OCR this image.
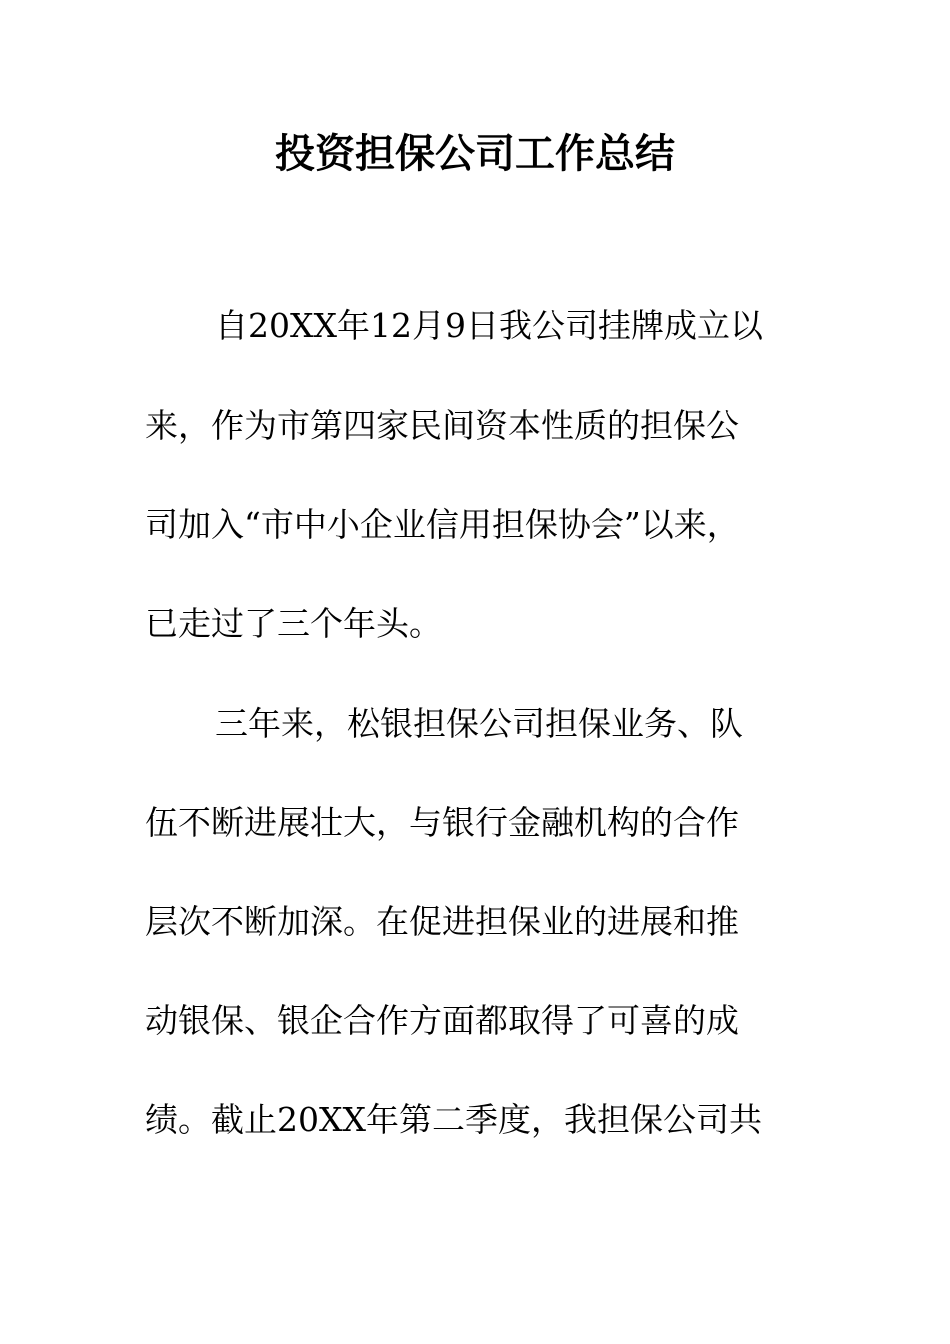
投资担保公司工作总结
自20XX年12月9日我公司挂牌成立以
来，作为市第四家民间资本性质的担保公
司加入“市中小企业信用担保协会”以来，
已走过了三个年头。
三年来，松银担保公司担保业务、队
伍不断进展壮大，与银行金融机构的合作
层次不断加深。在促进担保业的进展和推
动银保、银企合作方面都取得了可喜的成
绩。截止20XX年第二季度，我担保公司共
